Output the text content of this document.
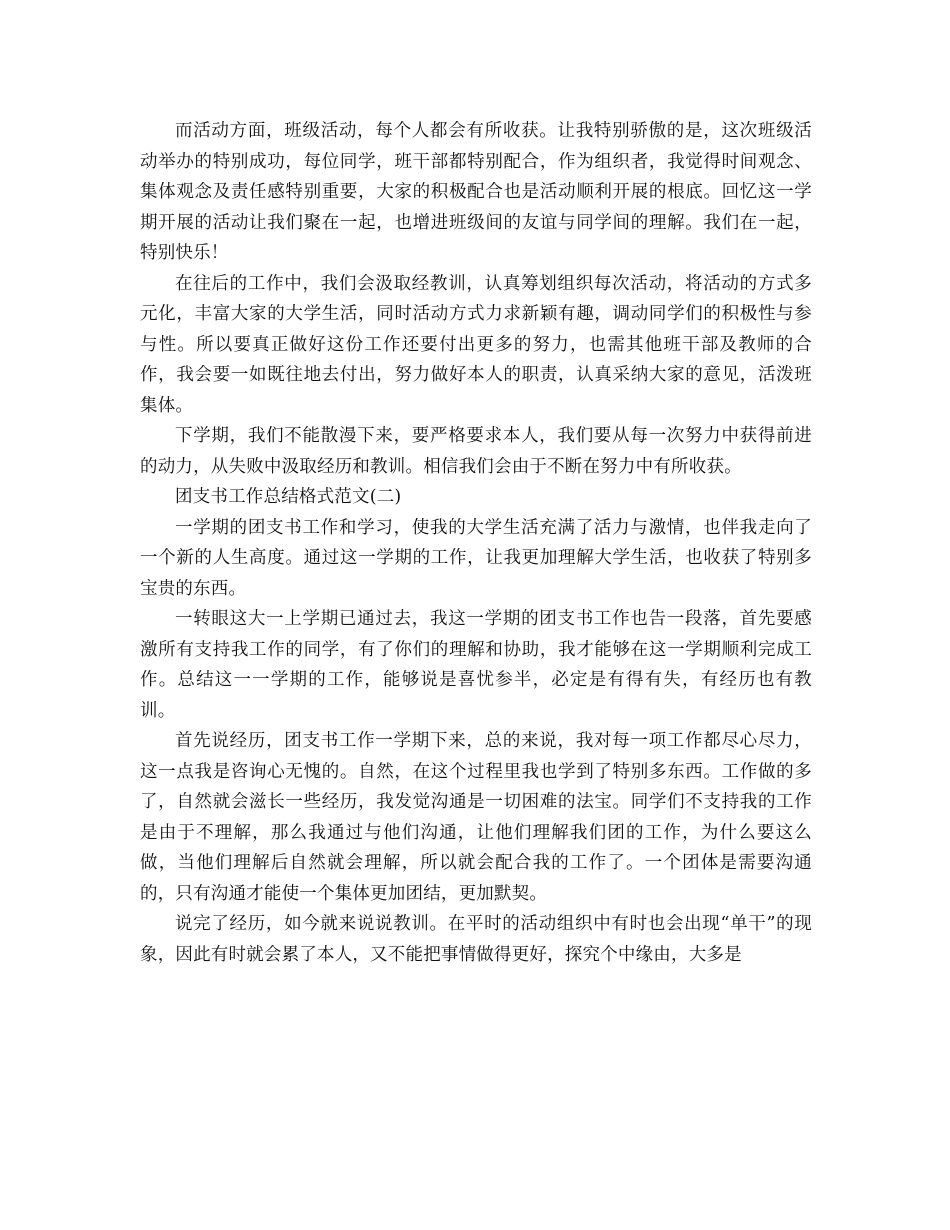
而活动方面，班级活动，每个人都会有所收获。让我特别骄傲的是，这次班级活动举办的特别成功，每位同学，班干部都特别配合，作为组织者，我觉得时间观念、集体观念及责任感特别重要，大家的积极配合也是活动顺利开展的根底。回忆这一学期开展的活动让我们聚在一起，也增进班级间的友谊与同学间的理解。我们在一起，特别快乐！

在往后的工作中，我们会汲取经教训，认真筹划组织每次活动，将活动的方式多元化，丰富大家的大学生活，同时活动方式力求新颖有趣，调动同学们的积极性与参与性。所以要真正做好这份工作还要付出更多的努力，也需其他班干部及教师的合作，我会要一如既往地去付出，努力做好本人的职责，认真采纳大家的意见，活泼班集体。

下学期，我们不能散漫下来，要严格要求本人，我们要从每一次努力中获得前进的动力，从失败中汲取经历和教训。相信我们会由于不断在努力中有所收获。

团支书工作总结格式范文(二)

一学期的团支书工作和学习，使我的大学生活充满了活力与激情，也伴我走向了一个新的人生高度。通过这一学期的工作，让我更加理解大学生活，也收获了特别多宝贵的东西。

一转眼这大一上学期已通过去，我这一学期的团支书工作也告一段落，首先要感激所有支持我工作的同学，有了你们的理解和协助，我才能够在这一学期顺利完成工作。总结这一一学期的工作，能够说是喜忧参半，必定是有得有失，有经历也有教训。

首先说经历，团支书工作一学期下来，总的来说，我对每一项工作都尽心尽力，这一点我是咨询心无愧的。自然，在这个过程里我也学到了特别多东西。工作做的多了，自然就会滋长一些经历，我发觉沟通是一切困难的法宝。同学们不支持我的工作是由于不理解，那么我通过与他们沟通，让他们理解我们团的工作，为什么要这么做，当他们理解后自然就会理解，所以就会配合我的工作了。一个团体是需要沟通的，只有沟通才能使一个集体更加团结，更加默契。

说完了经历，如今就来说说教训。在平时的活动组织中有时也会出现“单干”的现象，因此有时就会累了本人，又不能把事情做得更好，探究个中缘由，大多是
